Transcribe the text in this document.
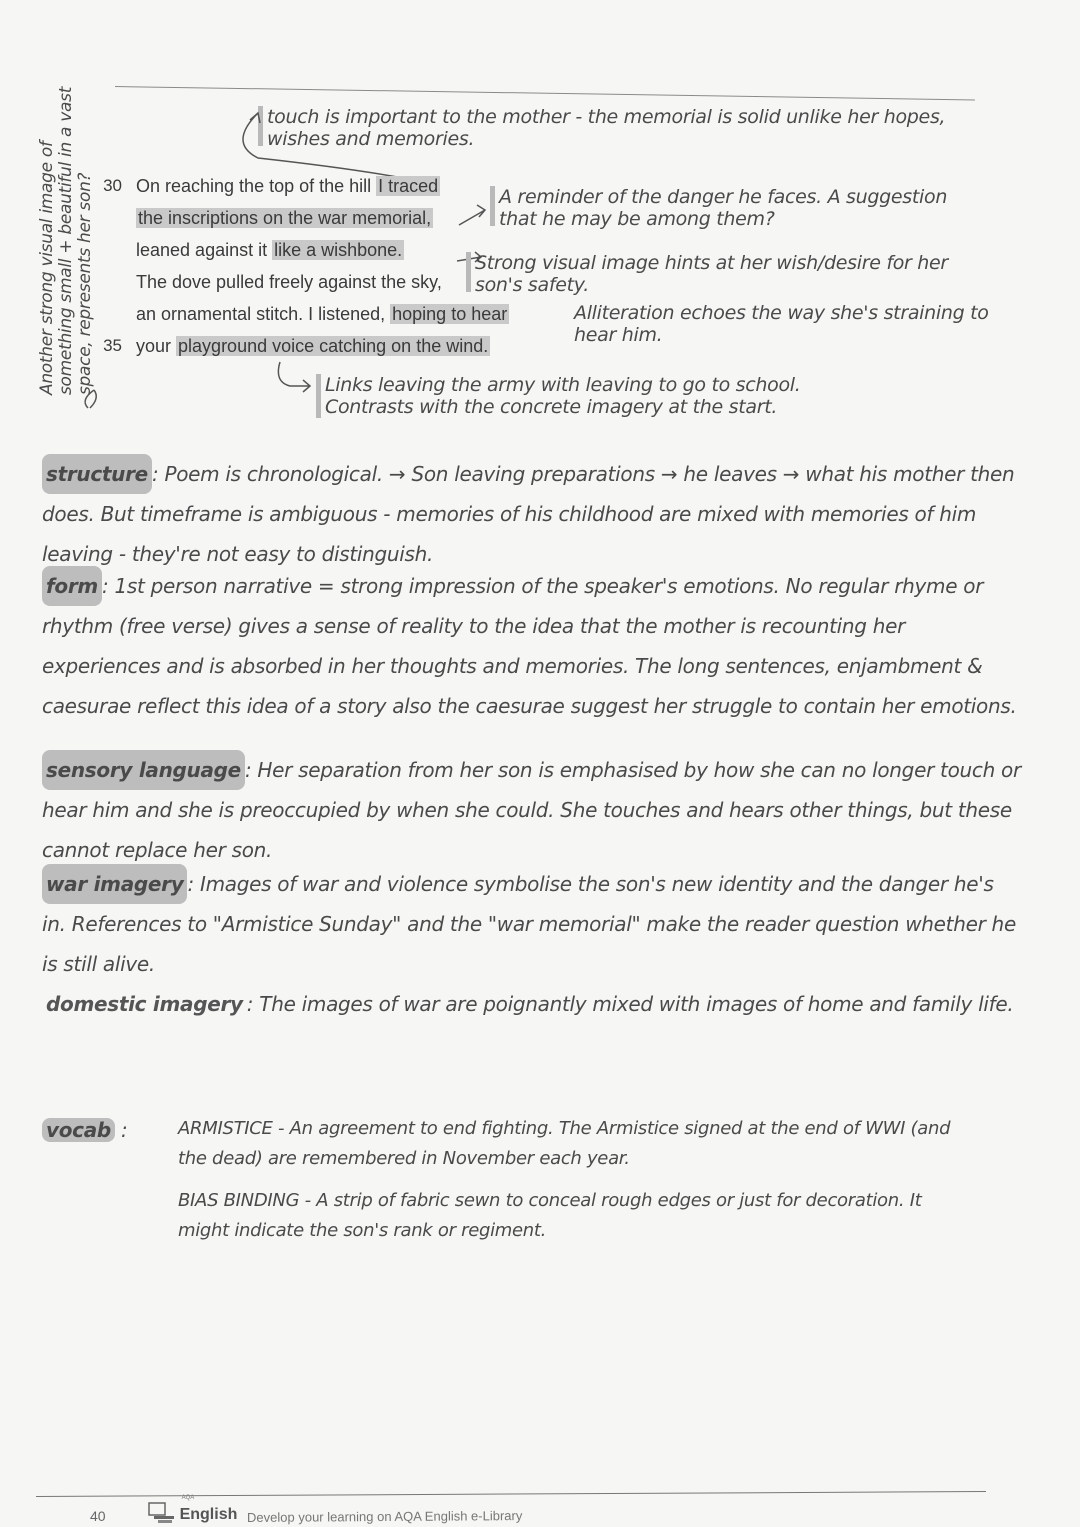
Another strong visual image of something small + beautiful in a vast space, represents her son?
touch is important to the mother - the memorial is solid unlike her hopes, wishes and memories.
30 On reaching the top of the hill I traced
the inscriptions on the war memorial,
leaned against it like a wishbone.
The dove pulled freely against the sky,
an ornamental stitch. I listened, hoping to hear
35 your playground voice catching on the wind.
A reminder of the danger he faces. A suggestion that he may be among them?
Strong visual image hints at her wish/desire for her son's safety.
Alliteration echoes the way she's straining to hear him.
Links leaving the army with leaving to go to school. Contrasts with the concrete imagery at the start.
structure : Poem is chronological. → Son leaving preparations → he leaves → what his mother then does. But timeframe is ambiguous - memories of his childhood are mixed with memories of him leaving - they're not easy to distinguish.
form : 1st person narrative = strong impression of the speaker's emotions. No regular rhyme or rhythm (free verse) gives a sense of reality to the idea that the mother is recounting her experiences and is absorbed in her thoughts and memories. The long sentences, enjambment & caesurae reflect this idea of a story also the caesurae suggest her struggle to contain her emotions.
sensory language : Her separation from her son is emphasised by how she can no longer touch or hear him and she is preoccupied by when she could. She touches and hears other things, but these cannot replace her son.
war imagery : Images of war and violence symbolise the son's new identity and the danger he's in. References to "Armistice Sunday" and the "war memorial" make the reader question whether he is still alive.
domestic imagery : The images of war are poignantly mixed with images of home and family life.
vocab :	ARMISTICE - An agreement to end fighting. The Armistice signed at the end of WWI (and the dead) are remembered in November each year.
BIAS BINDING - A strip of fabric sewn to conceal rough edges or just for decoration. It might indicate the son's rank or regiment.
40
AQA
English Develop your learning on AQA English e-Library
